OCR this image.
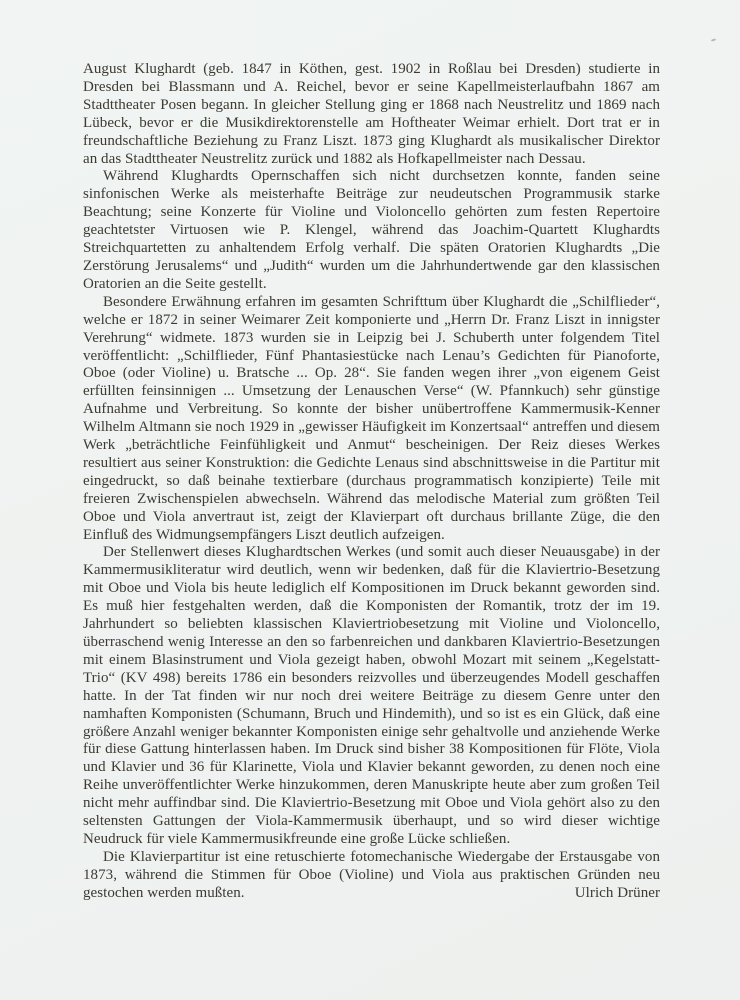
August Klughardt (geb. 1847 in Köthen, gest. 1902 in Roßlau bei Dresden) studierte in Dresden bei Blassmann und A. Reichel, bevor er seine Kapellmeisterlaufbahn 1867 am Stadttheater Posen begann. In gleicher Stellung ging er 1868 nach Neustrelitz und 1869 nach Lübeck, bevor er die Musikdirektorenstelle am Hoftheater Weimar erhielt. Dort trat er in freundschaftliche Beziehung zu Franz Liszt. 1873 ging Klughardt als musikalischer Direktor an das Stadttheater Neustrelitz zurück und 1882 als Hofkapellmeister nach Dessau.

Während Klughardts Opernschaffen sich nicht durchsetzen konnte, fanden seine sinfonischen Werke als meisterhafte Beiträge zur neudeutschen Programmusik starke Beachtung; seine Konzerte für Violine und Violoncello gehörten zum festen Repertoire geachtetster Virtuosen wie P. Klengel, während das Joachim-Quartett Klughardts Streichquartetten zu anhaltendem Erfolg verhalf. Die späten Oratorien Klughardts „Die Zerstörung Jerusalems“ und „Judith“ wurden um die Jahrhundertwende gar den klassischen Oratorien an die Seite gestellt.

Besondere Erwähnung erfahren im gesamten Schrifttum über Klughardt die „Schilflieder“, welche er 1872 in seiner Weimarer Zeit komponierte und „Herrn Dr. Franz Liszt in innigster Verehrung“ widmete. 1873 wurden sie in Leipzig bei J. Schuberth unter folgendem Titel veröffentlicht: „Schilflieder, Fünf Phantasiestücke nach Lenau’s Gedichten für Pianoforte, Oboe (oder Violine) u. Bratsche ... Op. 28“. Sie fanden wegen ihrer „von eigenem Geist erfüllten feinsinnigen ... Umsetzung der Lenauschen Verse“ (W. Pfannkuch) sehr günstige Aufnahme und Verbreitung. So konnte der bisher unübertroffene Kammermusik-Kenner Wilhelm Altmann sie noch 1929 in „gewisser Häufigkeit im Konzertsaal“ antreffen und diesem Werk „beträchtliche Feinfühligkeit und Anmut“ bescheinigen. Der Reiz dieses Werkes resultiert aus seiner Konstruktion: die Gedichte Lenaus sind abschnittsweise in die Partitur mit eingedruckt, so daß beinahe textierbare (durchaus programmatisch konzipierte) Teile mit freieren Zwischenspielen abwechseln. Während das melodische Material zum größten Teil Oboe und Viola anvertraut ist, zeigt der Klavierpart oft durchaus brillante Züge, die den Einfluß des Widmungsempfängers Liszt deutlich aufzeigen.

Der Stellenwert dieses Klughardtschen Werkes (und somit auch dieser Neuausgabe) in der Kammermusikliteratur wird deutlich, wenn wir bedenken, daß für die Klaviertrio-Besetzung mit Oboe und Viola bis heute lediglich elf Kompositionen im Druck bekannt geworden sind. Es muß hier festgehalten werden, daß die Komponisten der Romantik, trotz der im 19. Jahrhundert so beliebten klassischen Klaviertriobesetzung mit Violine und Violoncello, überraschend wenig Interesse an den so farbenreichen und dankbaren Klaviertrio-Besetzungen mit einem Blasinstrument und Viola gezeigt haben, obwohl Mozart mit seinem „Kegelstatt-Trio“ (KV 498) bereits 1786 ein besonders reizvolles und überzeugendes Modell geschaffen hatte. In der Tat finden wir nur noch drei weitere Beiträge zu diesem Genre unter den namhaften Komponisten (Schumann, Bruch und Hindemith), und so ist es ein Glück, daß eine größere Anzahl weniger bekannter Komponisten einige sehr gehaltvolle und anziehende Werke für diese Gattung hinterlassen haben. Im Druck sind bisher 38 Kompositionen für Flöte, Viola und Klavier und 36 für Klarinette, Viola und Klavier bekannt geworden, zu denen noch eine Reihe unveröffentlichter Werke hinzukommen, deren Manuskripte heute aber zum großen Teil nicht mehr auffindbar sind. Die Klaviertrio-Besetzung mit Oboe und Viola gehört also zu den seltensten Gattungen der Viola-Kammermusik überhaupt, und so wird dieser wichtige Neudruck für viele Kammermusikfreunde eine große Lücke schließen.

Die Klavierpartitur ist eine retuschierte fotomechanische Wiedergabe der Erstausgabe von 1873, während die Stimmen für Oboe (Violine) und Viola aus praktischen Gründen neu gestochen werden mußten.	Ulrich Drüner
